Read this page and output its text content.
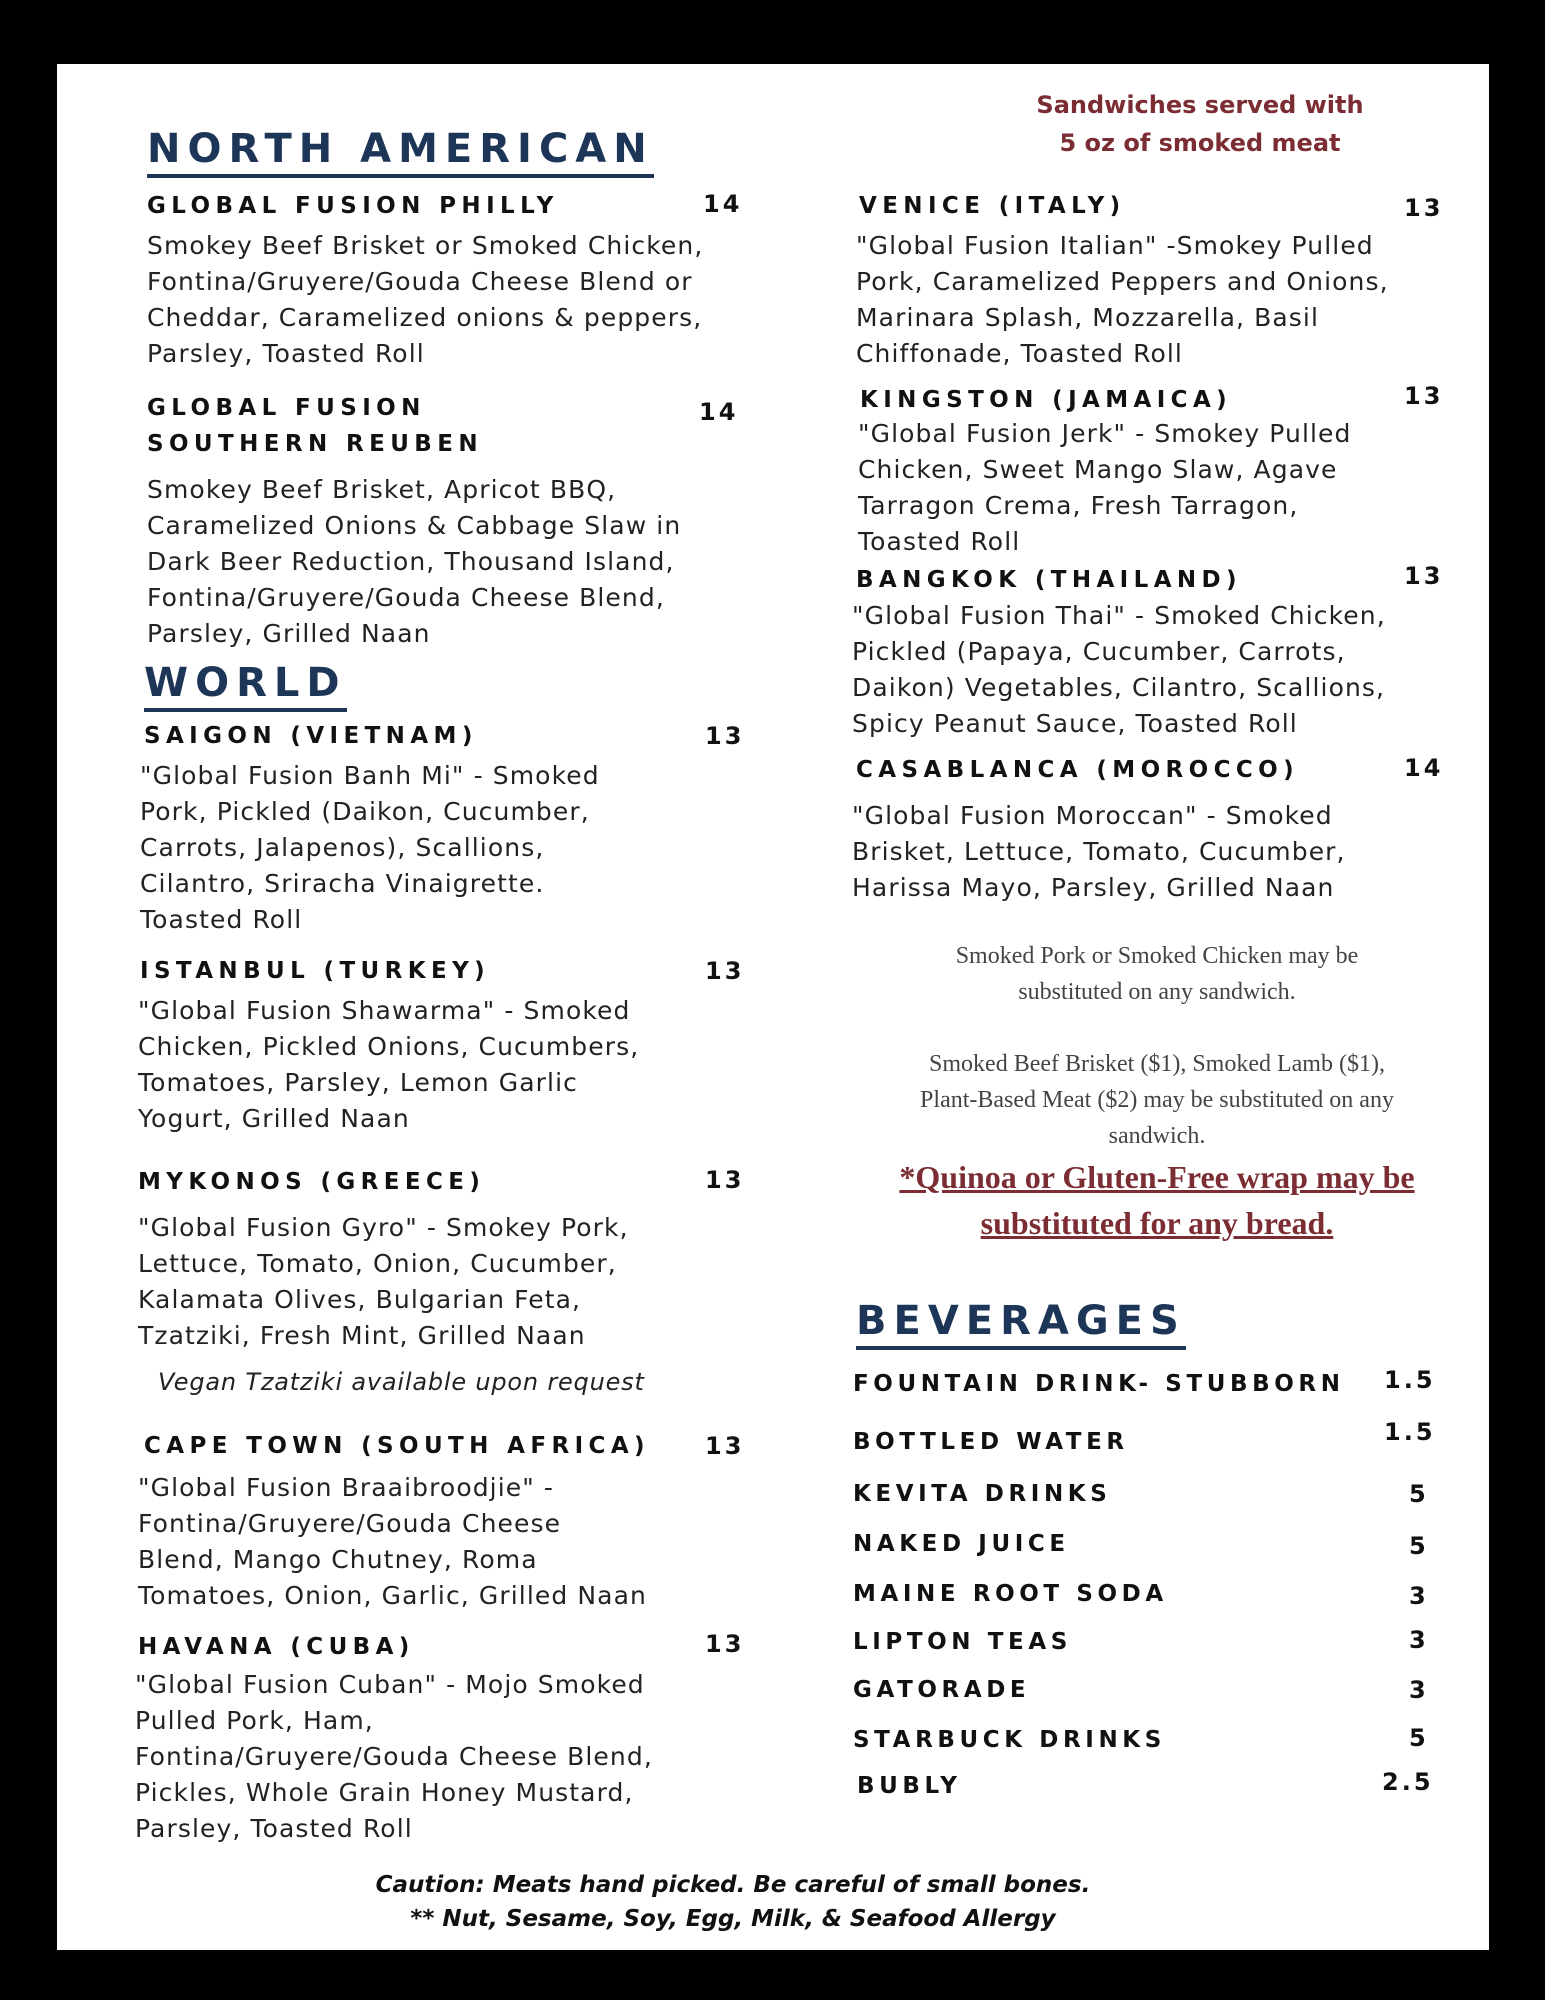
Sandwiches served with
5 oz of smoked meat
NORTH AMERICAN
GLOBAL FUSION PHILLY	14
Smokey Beef Brisket or Smoked Chicken,
Fontina/Gruyere/Gouda Cheese Blend or
Cheddar, Caramelized onions & peppers,
Parsley, Toasted Roll
GLOBAL FUSION
SOUTHERN REUBEN
14
Smokey Beef Brisket, Apricot BBQ,
Caramelized Onions & Cabbage Slaw in
Dark Beer Reduction, Thousand Island,
Fontina/Gruyere/Gouda Cheese Blend,
Parsley, Grilled Naan
WORLD
SAIGON (VIETNAM)	13
"Global Fusion Banh Mi" - Smoked
Pork, Pickled (Daikon, Cucumber,
Carrots, Jalapenos), Scallions,
Cilantro, Sriracha Vinaigrette.
Toasted Roll
ISTANBUL (TURKEY)	13
"Global Fusion Shawarma" - Smoked
Chicken, Pickled Onions, Cucumbers,
Tomatoes, Parsley, Lemon Garlic
Yogurt, Grilled Naan
MYKONOS (GREECE)	13
"Global Fusion Gyro" - Smokey Pork,
Lettuce, Tomato, Onion, Cucumber,
Kalamata Olives, Bulgarian Feta,
Tzatziki, Fresh Mint, Grilled Naan
Vegan Tzatziki available upon request
CAPE TOWN (SOUTH AFRICA) 13
"Global Fusion Braaibroodjie" -
Fontina/Gruyere/Gouda Cheese
Blend, Mango Chutney, Roma
Tomatoes, Onion, Garlic, Grilled Naan
HAVANA (CUBA)	13
"Global Fusion Cuban" - Mojo Smoked
Pulled Pork, Ham,
Fontina/Gruyere/Gouda Cheese Blend,
Pickles, Whole Grain Honey Mustard,
Parsley, Toasted Roll
VENICE (ITALY)	13
"Global Fusion Italian" -Smokey Pulled
Pork, Caramelized Peppers and Onions,
Marinara Splash, Mozzarella, Basil
Chiffonade, Toasted Roll
KINGSTON (JAMAICA)	13
"Global Fusion Jerk" - Smokey Pulled
Chicken, Sweet Mango Slaw, Agave
Tarragon Crema, Fresh Tarragon,
Toasted Roll
BANGKOK (THAILAND)	13
"Global Fusion Thai" - Smoked Chicken,
Pickled (Papaya, Cucumber, Carrots,
Daikon) Vegetables, Cilantro, Scallions,
Spicy Peanut Sauce, Toasted Roll
CASABLANCA (MOROCCO)	14
"Global Fusion Moroccan" - Smoked
Brisket, Lettuce, Tomato, Cucumber,
Harissa Mayo, Parsley, Grilled Naan
Smoked Pork or Smoked Chicken may be
substituted on any sandwich.
Smoked Beef Brisket ($1), Smoked Lamb ($1),
Plant-Based Meat ($2) may be substituted on any
sandwich.
*Quinoa or Gluten-Free wrap may be
substituted for any bread.
BEVERAGES
FOUNTAIN DRINK- STUBBORN 1.5
BOTTLED WATER	1.5
KEVITA DRINKS	5
NAKED JUICE	5
MAINE ROOT SODA	3
LIPTON TEAS	3
GATORADE	3
STARBUCK DRINKS	5
BUBLY	2.5
Caution: Meats hand picked. Be careful of small bones.
** Nut, Sesame, Soy, Egg, Milk, & Seafood Allergy
